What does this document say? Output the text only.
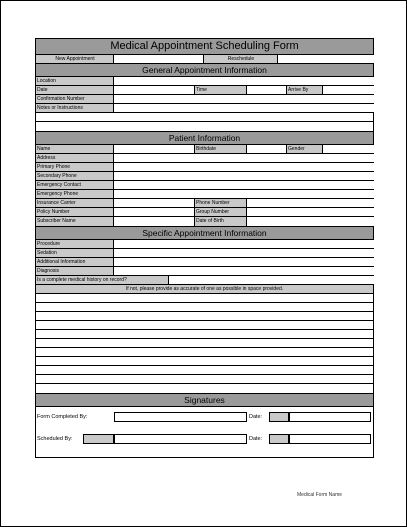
Medical Appointment Scheduling Form
New Appointment	Reschedule
General Appointment Information
Location
Date	Time	Arrive By
Confirmation Number
Notes or Instructions
Patient Information
Name	Birthdate	Gender
Address
Primary Phone
Secondary Phone
Emergency Contact
Emergency Phone
Insurance Carrier	Phone Number
Policy Number	Group Number
Subscriber Name	Date of Birth
Specific Appointment Information
Procedure
Sedation
Additional Information
Diagnosis
Is a complete medical history on record?
If not, please provide as accurate of one as possible in space provided.
Signatures
Form Completed By:	Date:
Scheduled By:	Date:
Medical Form Name
